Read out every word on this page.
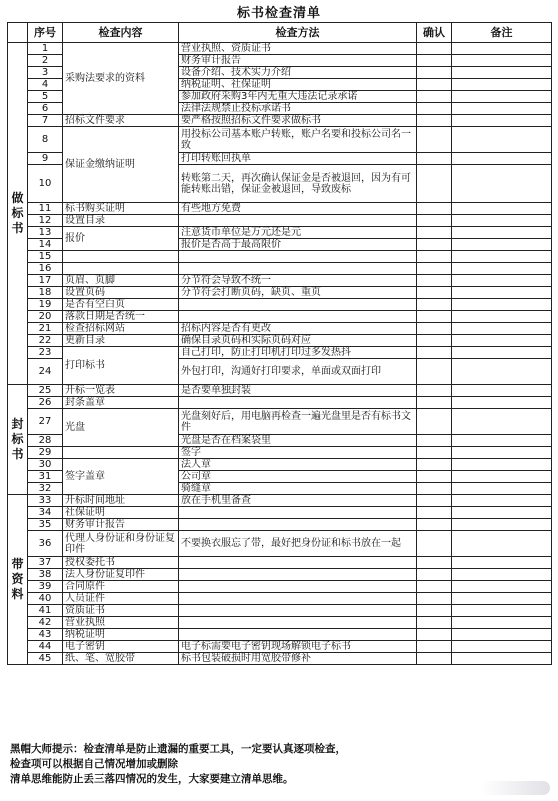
标书检查清单
	序号	检查内容	检查方法	确认	备注
做标书	1	采购法要求的资料	营业执照、资质证书		
	2		财务审计报告		
	3		设备介绍、技术实力介绍		
	4		纳税证明、社保证明		
	5		参加政府采购3年内无重大违法记录承诺		
	6		法律法规禁止投标承诺书		
	7	招标文件要求	要严格按照招标文件要求做标书		
	8	保证金缴纳证明	用投标公司基本账户转账，账户名要和投标公司名一致		
	9		打印转账回执单		
	10		转账第二天，再次确认保证金是否被退回，因为有可能转账出错，保证金被退回，导致废标		
	11	标书购买证明	有些地方免费		
	12	设置目录			
	13	报价	注意货币单位是万元还是元		
	14		报价是否高于最高限价		
	15				
	16				
	17	页眉、页脚	分节符会导致不统一		
	18	设置页码	分节符会打断页码，缺页、重页		
	19	是否有空白页			
	20	落款日期是否统一			
	21	检查招标网站	招标内容是否有更改		
	22	更新目录	确保目录页码和实际页码对应		
	23	打印标书	自己打印，防止打印机打印过多发热抖		
	24		外包打印，沟通好打印要求，单面或双面打印		
封标书	25	开标一览表	是否要单独封装		
	26	封条盖章			
	27	光盘	光盘刻好后，用电脑再检查一遍光盘里是否有标书文件		
	28		光盘是否在档案袋里		
	29		签字		
	30	签字盖章	法人章		
	31		公司章		
	32		骑缝章		
带资料	33	开标时间地址	放在手机里备查		
	34	社保证明			
	35	财务审计报告			
	36	代理人身份证和身份证复印件	不要换衣服忘了带，最好把身份证和标书放在一起		
	37	授权委托书			
	38	法人身份证复印件			
	39	合同原件			
	40	人员证件			
	41	资质证书			
	42	营业执照			
	43	纳税证明			
	44	电子密钥	电子标需要电子密钥现场解锁电子标书		
	45	纸、笔、宽胶带	标书包装破损时用宽胶带修补		
黑帽大师提示：检查清单是防止遗漏的重要工具，一定要认真逐项检查，
检查项可以根据自己情况增加或删除
清单思维能防止丢三落四情况的发生，大家要建立清单思维。
